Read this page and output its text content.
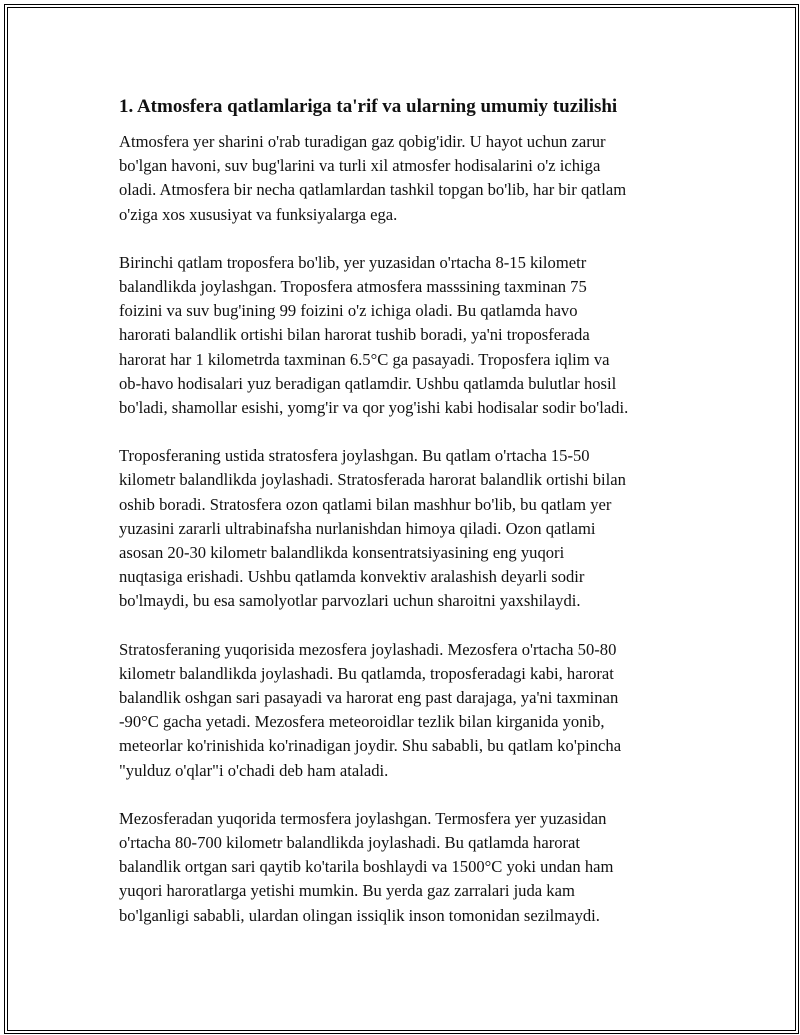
1. Atmosfera qatlamlariga ta'rif va ularning umumiy tuzilishi

Atmosfera yer sharini o'rab turadigan gaz qobig'idir. U hayot uchun zarur
bo'lgan havoni, suv bug'larini va turli xil atmosfer hodisalarini o'z ichiga
oladi. Atmosfera bir necha qatlamlardan tashkil topgan bo'lib, har bir qatlam
o'ziga xos xususiyat va funksiyalarga ega.

Birinchi qatlam troposfera bo'lib, yer yuzasidan o'rtacha 8-15 kilometr
balandlikda joylashgan. Troposfera atmosfera masssining taxminan 75
foizini va suv bug'ining 99 foizini o'z ichiga oladi. Bu qatlamda havo
harorati balandlik ortishi bilan harorat tushib boradi, ya'ni troposferada
harorat har 1 kilometrda taxminan 6.5°C ga pasayadi. Troposfera iqlim va
ob-havo hodisalari yuz beradigan qatlamdir. Ushbu qatlamda bulutlar hosil
bo'ladi, shamollar esishi, yomg'ir va qor yog'ishi kabi hodisalar sodir bo'ladi.

Troposferaning ustida stratosfera joylashgan. Bu qatlam o'rtacha 15-50
kilometr balandlikda joylashadi. Stratosferada harorat balandlik ortishi bilan
oshib boradi. Stratosfera ozon qatlami bilan mashhur bo'lib, bu qatlam yer
yuzasini zararli ultrabinafsha nurlanishdan himoya qiladi. Ozon qatlami
asosan 20-30 kilometr balandlikda konsentratsiyasining eng yuqori
nuqtasiga erishadi. Ushbu qatlamda konvektiv aralashish deyarli sodir
bo'lmaydi, bu esa samolyotlar parvozlari uchun sharoitni yaxshilaydi.

Stratosferaning yuqorisida mezosfera joylashadi. Mezosfera o'rtacha 50-80
kilometr balandlikda joylashadi. Bu qatlamda, troposferadagi kabi, harorat
balandlik oshgan sari pasayadi va harorat eng past darajaga, ya'ni taxminan
-90°C gacha yetadi. Mezosfera meteoroidlar tezlik bilan kirganida yonib,
meteorlar ko'rinishida ko'rinadigan joydir. Shu sababli, bu qatlam ko'pincha
"yulduz o'qlar"i o'chadi deb ham ataladi.

Mezosferadan yuqorida termosfera joylashgan. Termosfera yer yuzasidan
o'rtacha 80-700 kilometr balandlikda joylashadi. Bu qatlamda harorat
balandlik ortgan sari qaytib ko'tarila boshlaydi va 1500°C yoki undan ham
yuqori haroratlarga yetishi mumkin. Bu yerda gaz zarralari juda kam
bo'lganligi sababli, ulardan olingan issiqlik inson tomonidan sezilmaydi.
